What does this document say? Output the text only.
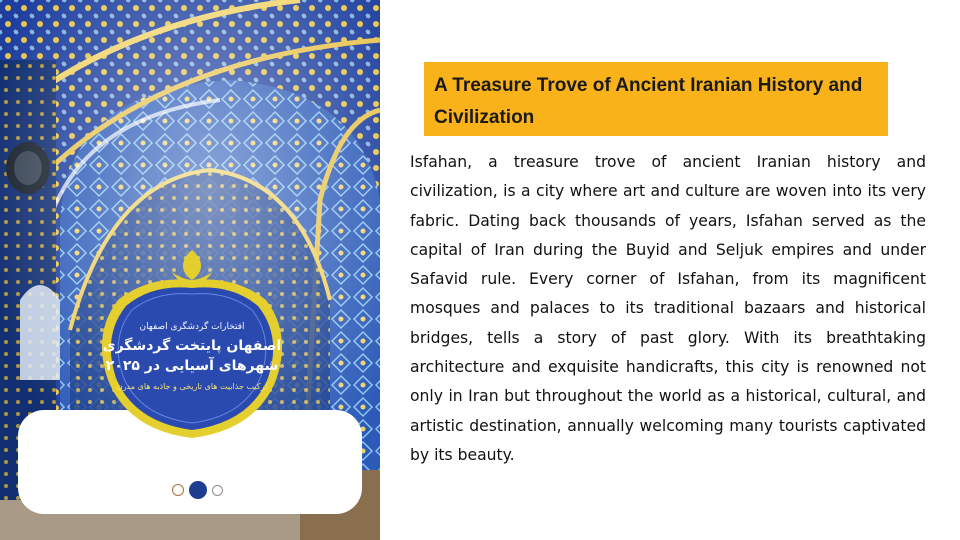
افتخارات گردشگری اصفهان
اصفهان پایتخت گردشگری
شهرهای آسیایی در ۲۰۲۵
ترکیب جذابیت های تاریخی و جاذبه های مدرن

A Treasure Trove of Ancient Iranian History and Civilization

Isfahan, a treasure trove of ancient Iranian history and civilization, is a city where art and culture are woven into its very fabric. Dating back thousands of years, Isfahan served as the capital of Iran during the Buyid and Seljuk empires and under Safavid rule. Every corner of Isfahan, from its magnificent mosques and palaces to its traditional bazaars and historical bridges, tells a story of past glory. With its breathtaking architecture and exquisite handicrafts, this city is renowned not only in Iran but throughout the world as a historical, cultural, and artistic destination, annually welcoming many tourists captivated by its beauty.
